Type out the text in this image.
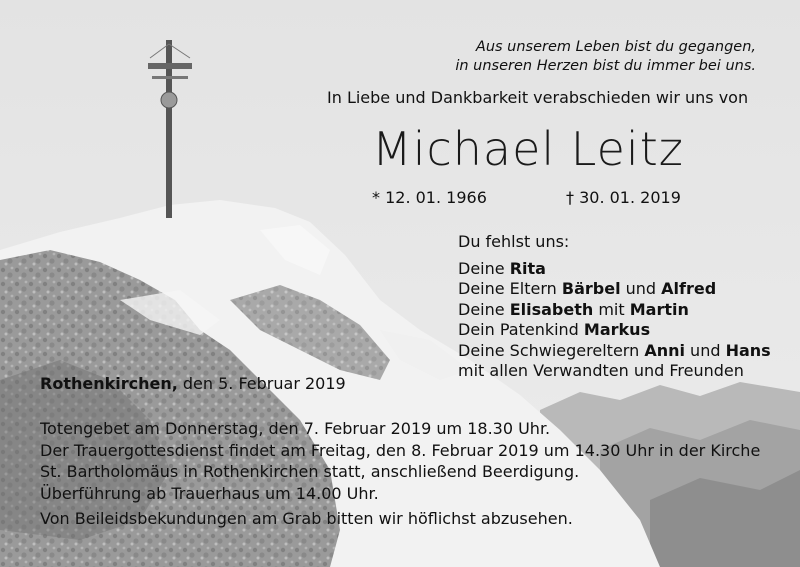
Aus unserem Leben bist du gegangen,
in unseren Herzen bist du immer bei uns.
In Liebe und Dankbarkeit verabschieden wir uns von
Michael Leitz
* 12. 01. 1966	† 30. 01. 2019
Du fehlst uns:
Deine Rita
Deine Eltern Bärbel und Alfred
Deine Elisabeth mit Martin
Dein Patenkind Markus
Deine Schwiegereltern Anni und Hans
mit allen Verwandten und Freunden
Rothenkirchen, den 5. Februar 2019
Totengebet am Donnerstag, den 7. Februar 2019 um 18.30 Uhr.
Der Trauergottesdienst findet am Freitag, den 8. Februar 2019 um 14.30 Uhr in der Kirche
St. Bartholomäus in Rothenkirchen statt, anschließend Beerdigung.
Überführung ab Trauerhaus um 14.00 Uhr.
Von Beileidsbekundungen am Grab bitten wir höflichst abzusehen.
